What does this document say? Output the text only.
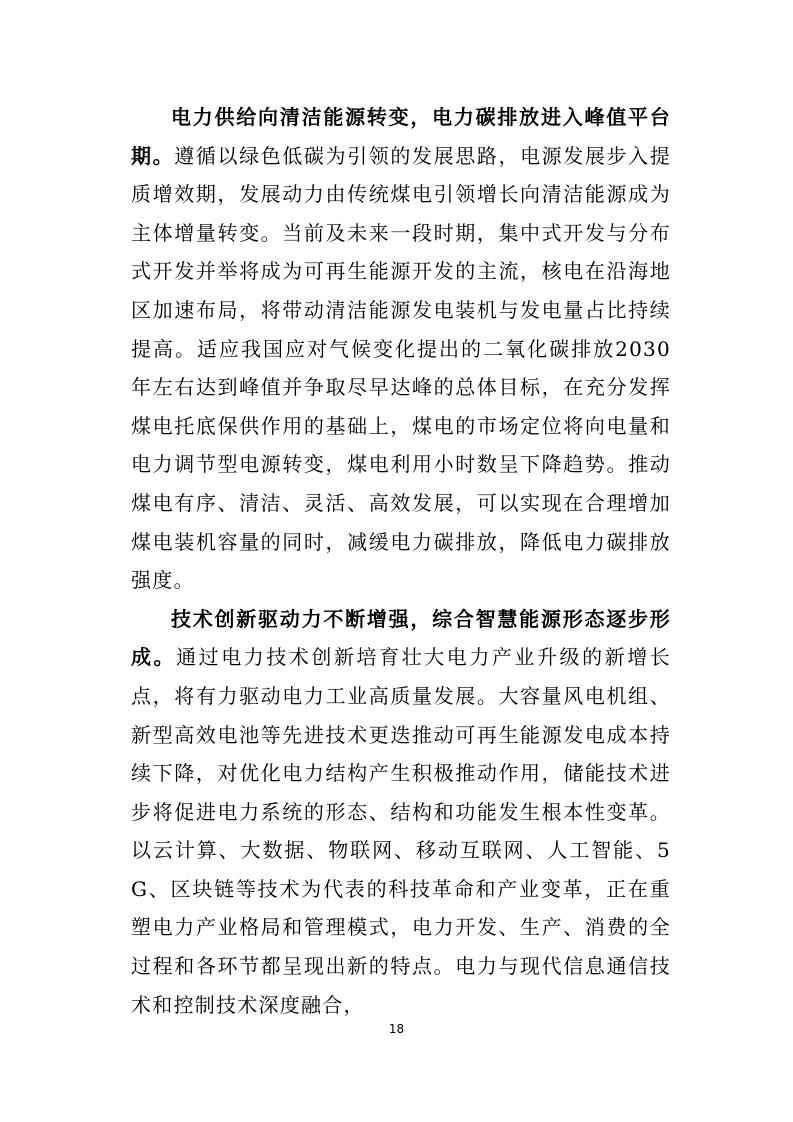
电力供给向清洁能源转变，电力碳排放进入峰值平台期。遵循以绿色低碳为引领的发展思路，电源发展步入提质增效期，发展动力由传统煤电引领增长向清洁能源成为主体增量转变。当前及未来一段时期，集中式开发与分布式开发并举将成为可再生能源开发的主流，核电在沿海地区加速布局，将带动清洁能源发电装机与发电量占比持续提高。适应我国应对气候变化提出的二氧化碳排放2030年左右达到峰值并争取尽早达峰的总体目标，在充分发挥煤电托底保供作用的基础上，煤电的市场定位将向电量和电力调节型电源转变，煤电利用小时数呈下降趋势。推动煤电有序、清洁、灵活、高效发展，可以实现在合理增加煤电装机容量的同时，减缓电力碳排放，降低电力碳排放强度。

技术创新驱动力不断增强，综合智慧能源形态逐步形成。通过电力技术创新培育壮大电力产业升级的新增长点，将有力驱动电力工业高质量发展。大容量风电机组、新型高效电池等先进技术更迭推动可再生能源发电成本持续下降，对优化电力结构产生积极推动作用，储能技术进步将促进电力系统的形态、结构和功能发生根本性变革。以云计算、大数据、物联网、移动互联网、人工智能、5G、区块链等技术为代表的科技革命和产业变革，正在重塑电力产业格局和管理模式，电力开发、生产、消费的全过程和各环节都呈现出新的特点。电力与现代信息通信技术和控制技术深度融合，

18
